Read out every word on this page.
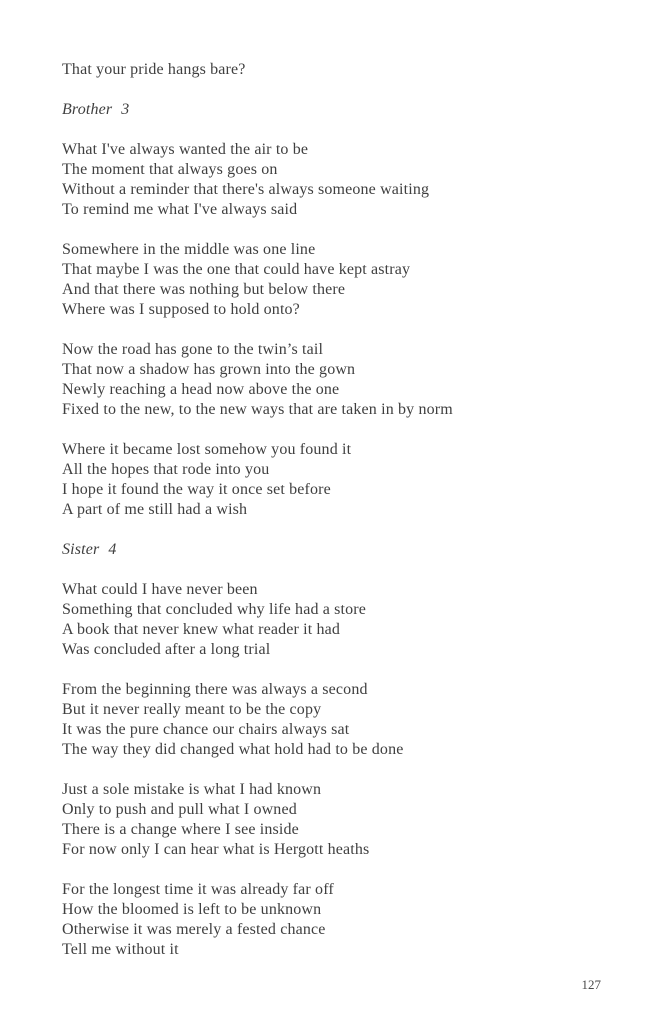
That your pride hangs bare?
Brother 3
What I've always wanted the air to be
The moment that always goes on
Without a reminder that there's always someone waiting
To remind me what I've always said
Somewhere in the middle was one line
That maybe I was the one that could have kept astray
And that there was nothing but below there
Where was I supposed to hold onto?
Now the road has gone to the twin’s tail
That now a shadow has grown into the gown
Newly reaching a head now above the one
Fixed to the new, to the new ways that are taken in by norm
Where it became lost somehow you found it
All the hopes that rode into you
I hope it found the way it once set before
A part of me still had a wish
Sister 4
What could I have never been
Something that concluded why life had a store
A book that never knew what reader it had
Was concluded after a long trial
From the beginning there was always a second
But it never really meant to be the copy
It was the pure chance our chairs always sat
The way they did changed what hold had to be done
Just a sole mistake is what I had known
Only to push and pull what I owned
There is a change where I see inside
For now only I can hear what is Hergott heaths
For the longest time it was already far off
How the bloomed is left to be unknown
Otherwise it was merely a fested chance
Tell me without it
127
